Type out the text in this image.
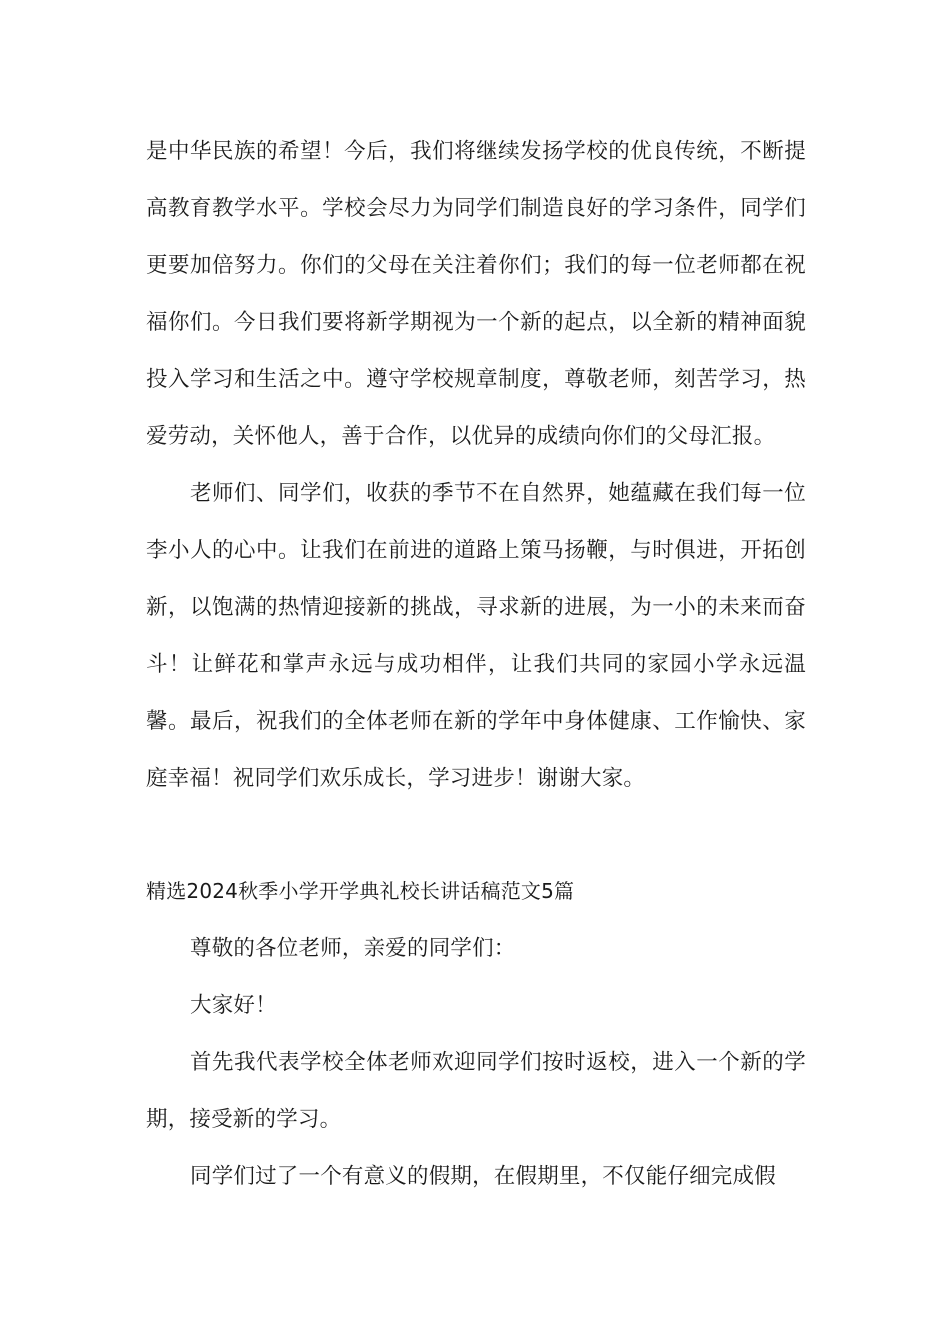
是中华民族的希望！今后，我们将继续发扬学校的优良传统，不断提高教育教学水平。学校会尽力为同学们制造良好的学习条件，同学们更要加倍努力。你们的父母在关注着你们；我们的每一位老师都在祝福你们。今日我们要将新学期视为一个新的起点，以全新的精神面貌投入学习和生活之中。遵守学校规章制度，尊敬老师，刻苦学习，热爱劳动，关怀他人，善于合作，以优异的成绩向你们的父母汇报。

老师们、同学们，收获的季节不在自然界，她蕴藏在我们每一位李小人的心中。让我们在前进的道路上策马扬鞭，与时俱进，开拓创新，以饱满的热情迎接新的挑战，寻求新的进展，为一小的未来而奋斗！让鲜花和掌声永远与成功相伴，让我们共同的家园小学永远温馨。最后，祝我们的全体老师在新的学年中身体健康、工作愉快、家庭幸福！祝同学们欢乐成长，学习进步！谢谢大家。

精选2024秋季小学开学典礼校长讲话稿范文5篇

尊敬的各位老师，亲爱的同学们：

大家好！

首先我代表学校全体老师欢迎同学们按时返校，进入一个新的学期，接受新的学习。

同学们过了一个有意义的假期，在假期里，不仅能仔细完成假
